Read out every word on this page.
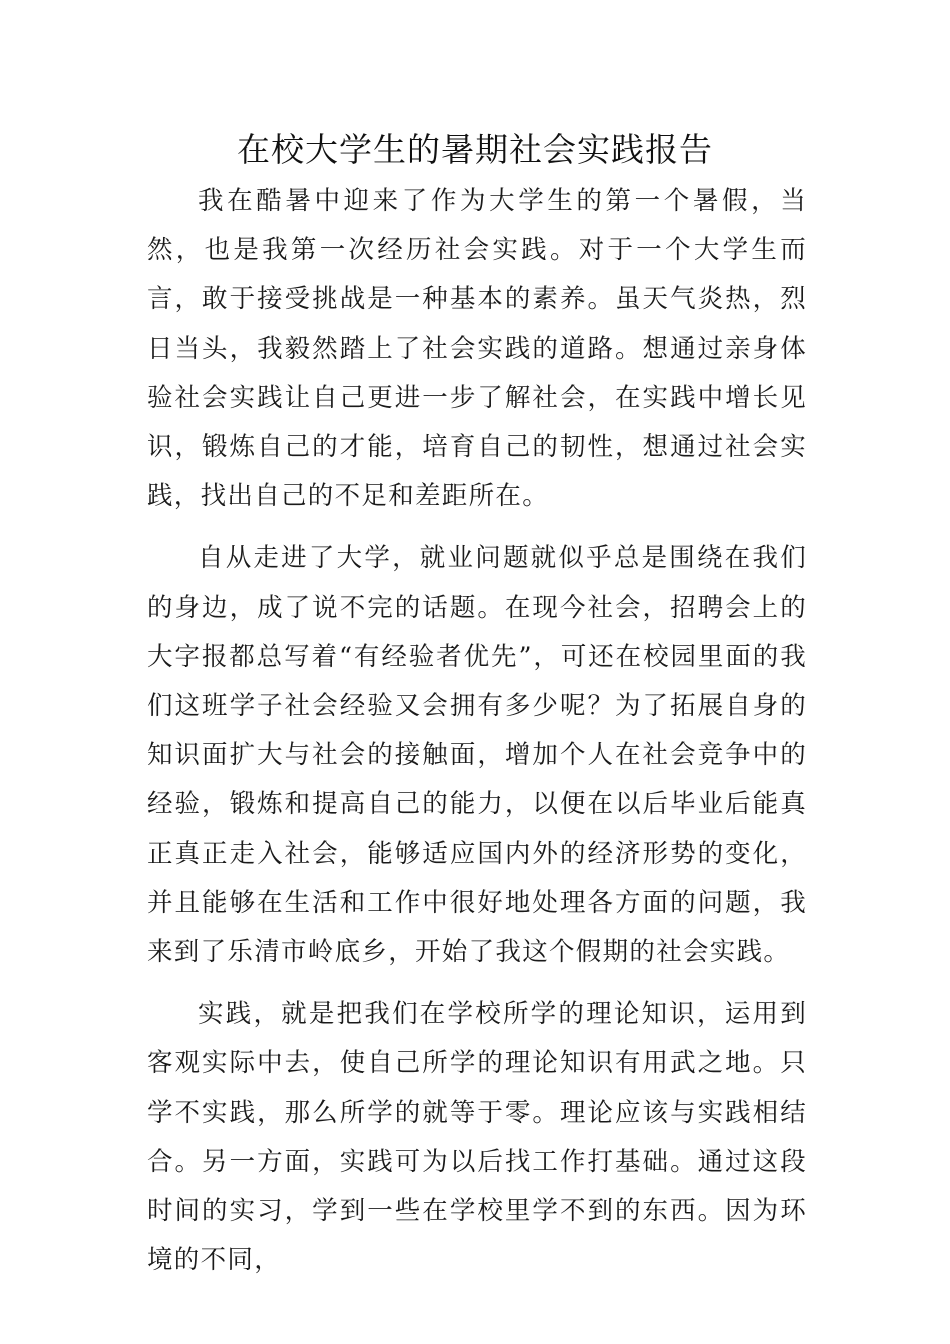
在校大学生的暑期社会实践报告

我在酷暑中迎来了作为大学生的第一个暑假，当然，也是我第一次经历社会实践。对于一个大学生而言，敢于接受挑战是一种基本的素养。虽天气炎热，烈日当头，我毅然踏上了社会实践的道路。想通过亲身体验社会实践让自己更进一步了解社会，在实践中增长见识，锻炼自己的才能，培育自己的韧性，想通过社会实践，找出自己的不足和差距所在。

自从走进了大学，就业问题就似乎总是围绕在我们的身边，成了说不完的话题。在现今社会，招聘会上的大字报都总写着“有经验者优先”，可还在校园里面的我们这班学子社会经验又会拥有多少呢？为了拓展自身的知识面扩大与社会的接触面，增加个人在社会竞争中的经验，锻炼和提高自己的能力，以便在以后毕业后能真正真正走入社会，能够适应国内外的经济形势的变化，并且能够在生活和工作中很好地处理各方面的问题，我来到了乐清市岭底乡，开始了我这个假期的社会实践。

实践，就是把我们在学校所学的理论知识，运用到客观实际中去，使自己所学的理论知识有用武之地。只学不实践，那么所学的就等于零。理论应该与实践相结合。另一方面，实践可为以后找工作打基础。通过这段时间的实习，学到一些在学校里学不到的东西。因为环境的不同，
